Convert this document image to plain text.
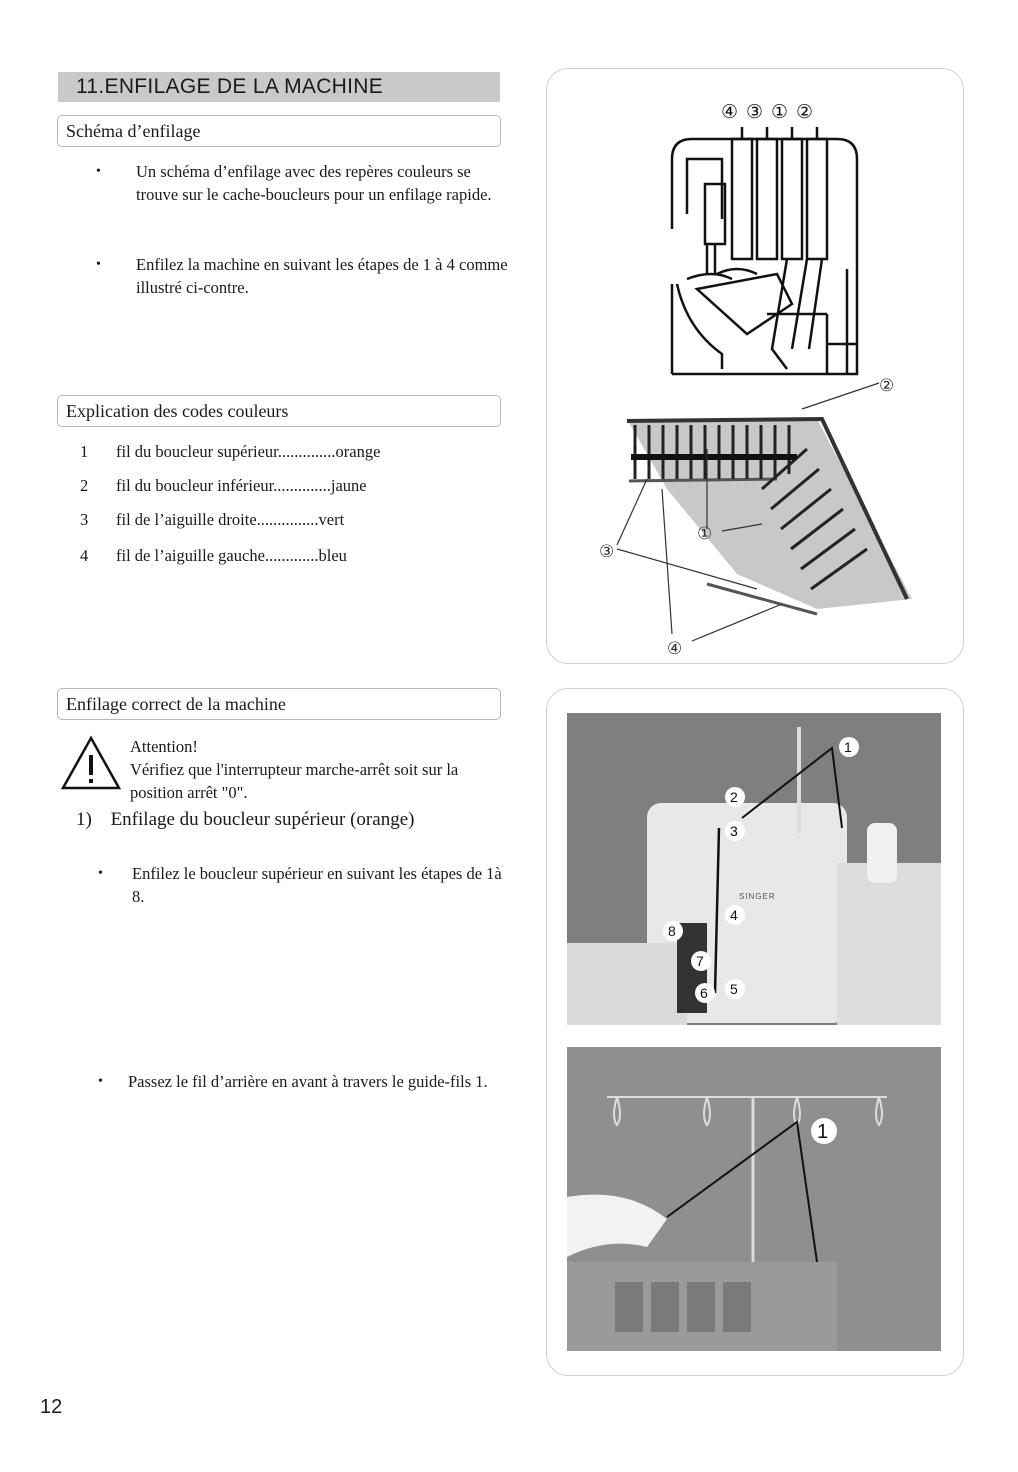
11.ENFILAGE DE LA MACHINE
Schéma d’enfilage
• Un schéma d’enfilage avec des repères couleurs se trouve sur le cache-boucleurs pour un enfilage rapide.
• Enfilez la machine en suivant les étapes de 1 à 4 comme illustré ci-contre.
Explication des codes couleurs
1 fil du boucleur supérieur..............orange
2 fil du boucleur inférieur..............jaune
3 fil de l’aiguille droite...............vert
4 fil de l’aiguille gauche.............bleu
Enfilage correct de la machine
Attention!
Vérifiez que l'interrupteur marche-arrêt soit sur la position arrêt "0".
1) Enfilage du boucleur supérieur (orange)
• Enfilez le boucleur supérieur en suivant les étapes de 1à 8.
• Passez le fil d’arrière en avant à travers le guide-fils 1.
④ ③ ① ②
②
③
①
④
SINGER
1
2
3
4
5
6
7
8
1
12
